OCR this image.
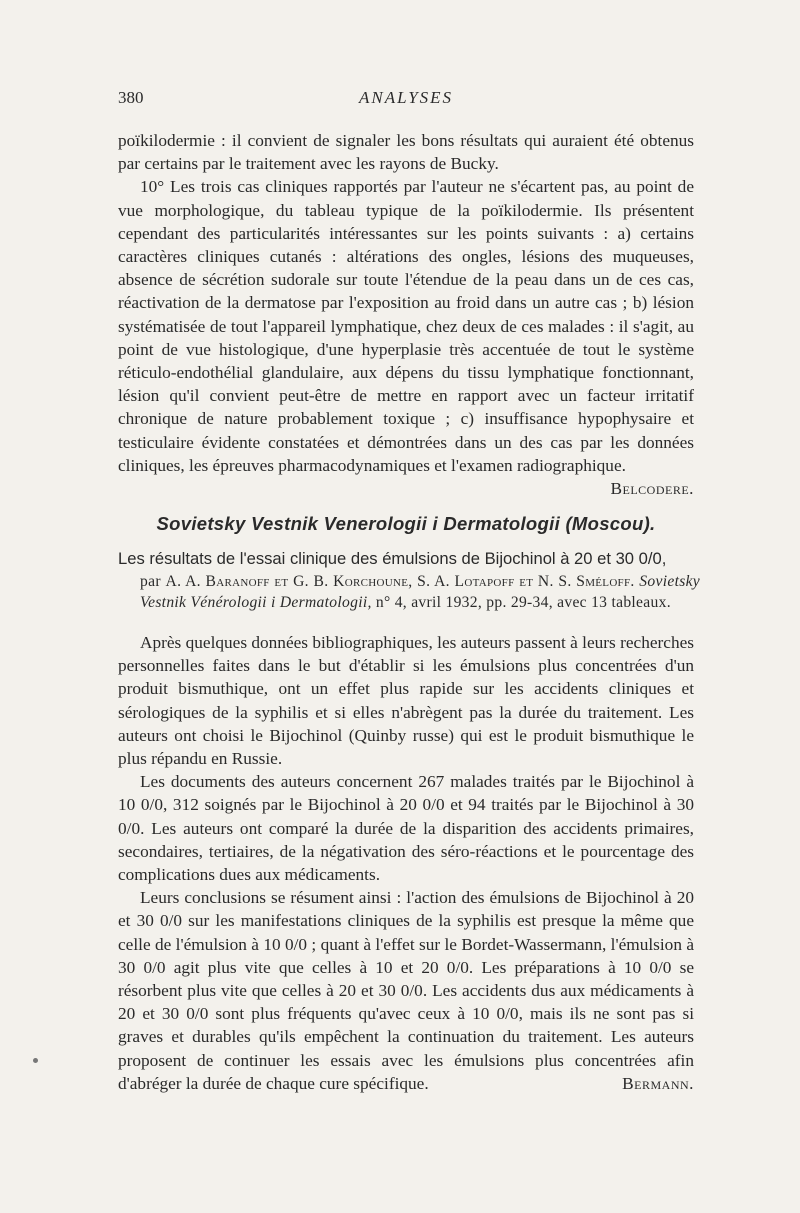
380	ANALYSES

poïkilodermie : il convient de signaler les bons résultats qui auraient été obtenus par certains par le traitement avec les rayons de Bucky.

10° Les trois cas cliniques rapportés par l'auteur ne s'écartent pas, au point de vue morphologique, du tableau typique de la poïkilodermie. Ils présentent cependant des particularités intéressantes sur les points suivants : a) certains caractères cliniques cutanés : altérations des ongles, lésions des muqueuses, absence de sécrétion sudorale sur toute l'étendue de la peau dans un de ces cas, réactivation de la dermatose par l'exposition au froid dans un autre cas ; b) lésion systématisée de tout l'appareil lymphatique, chez deux de ces malades : il s'agit, au point de vue histologique, d'une hyperplasie très accentuée de tout le système réticulo-endothélial glandulaire, aux dépens du tissu lymphatique fonctionnant, lésion qu'il convient peut-être de mettre en rapport avec un facteur irritatif chronique de nature probablement toxique ; c) insuffisance hypophysaire et testiculaire évidente constatées et démontrées dans un des cas par les données cliniques, les épreuves pharmacodynamiques et l'examen radiographique.
Belcodere.

Sovietsky Vestnik Venerologii i Dermatologii (Moscou).
Les résultats de l'essai clinique des émulsions de Bijochinol à 20 et 30 0/0,
par A. A. Baranoff et G. B. Korchoune, S. A. Lotapoff et N. S. Sméloff. Sovietsky Vestnik Vénérologii i Dermatologii, n° 4, avril 1932, pp. 29-34, avec 13 tableaux.

Après quelques données bibliographiques, les auteurs passent à leurs recherches personnelles faites dans le but d'établir si les émulsions plus concentrées d'un produit bismuthique, ont un effet plus rapide sur les accidents cliniques et sérologiques de la syphilis et si elles n'abrègent pas la durée du traitement. Les auteurs ont choisi le Bijochinol (Quinby russe) qui est le produit bismuthique le plus répandu en Russie.

Les documents des auteurs concernent 267 malades traités par le Bijochinol à 10 0/0, 312 soignés par le Bijochinol à 20 0/0 et 94 traités par le Bijochinol à 30 0/0. Les auteurs ont comparé la durée de la disparition des accidents primaires, secondaires, tertiaires, de la négativation des séro-réactions et le pourcentage des complications dues aux médicaments.

Leurs conclusions se résument ainsi : l'action des émulsions de Bijochinol à 20 et 30 0/0 sur les manifestations cliniques de la syphilis est presque la même que celle de l'émulsion à 10 0/0 ; quant à l'effet sur le Bordet-Wassermann, l'émulsion à 30 0/0 agit plus vite que celles à 10 et 20 0/0. Les préparations à 10 0/0 se résorbent plus vite que celles à 20 et 30 0/0. Les accidents dus aux médicaments à 20 et 30 0/0 sont plus fréquents qu'avec ceux à 10 0/0, mais ils ne sont pas si graves et durables qu'ils empêchent la continuation du traitement. Les auteurs proposent de continuer les essais avec les émulsions plus concentrées afin d'abréger la durée de chaque cure spécifique.	Bermann.
